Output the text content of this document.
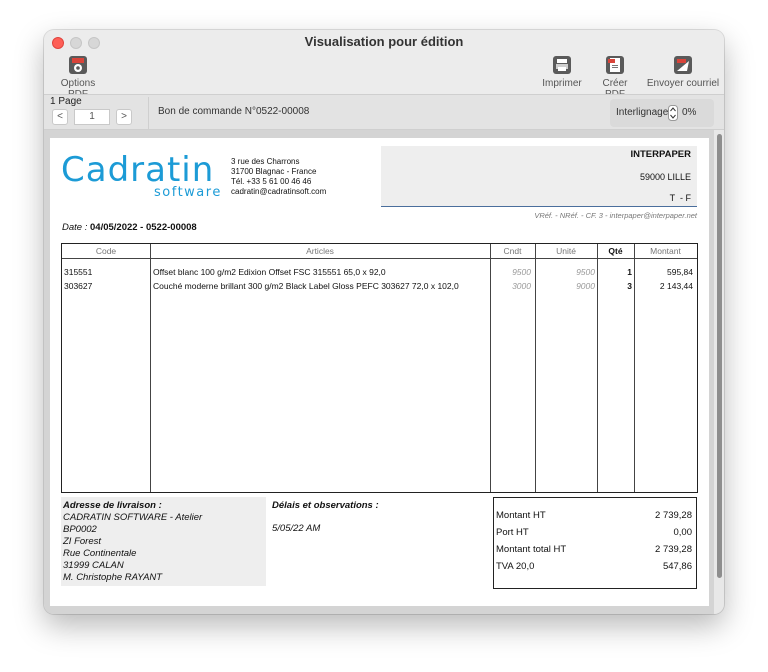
Visualisation pour édition
Options	Imprimer	Créer	Envoyer courriel
1 Page
<	1	>	Bon de commande N°0522-00008	Interlignage 0%
Cadratin
software
3 rue des Charrons
31700 Blagnac - France
Tél. +33 5 61 00 46 46
cadratin@cadratinsoft.com
INTERPAPER
59000 LILLE
T  - F
VRéf. - NRéf. - CF. 3 - interpaper@interpaper.net
Date : 04/05/2022 - 0522-00008
Code	Articles	Cndt	Unité	Qté	Montant
315551	Offset blanc 100 g/m2 Edixion Offset FSC 315551 65,0 x 92,0	9500	9500	1	595,84
303627	Couché moderne brillant 300 g/m2 Black Label Gloss PEFC 303627 72,0 x 102,0	3000	9000	3	2 143,44
Adresse de livraison :
CADRATIN SOFTWARE - Atelier
BP0002
ZI Forest
Rue Continentale
31999 CALAN
M. Christophe RAYANT
Délais et observations :
5/05/22 AM
Montant HT	2 739,28
Port HT	0,00
Montant total HT	2 739,28
TVA 20,0	547,86
